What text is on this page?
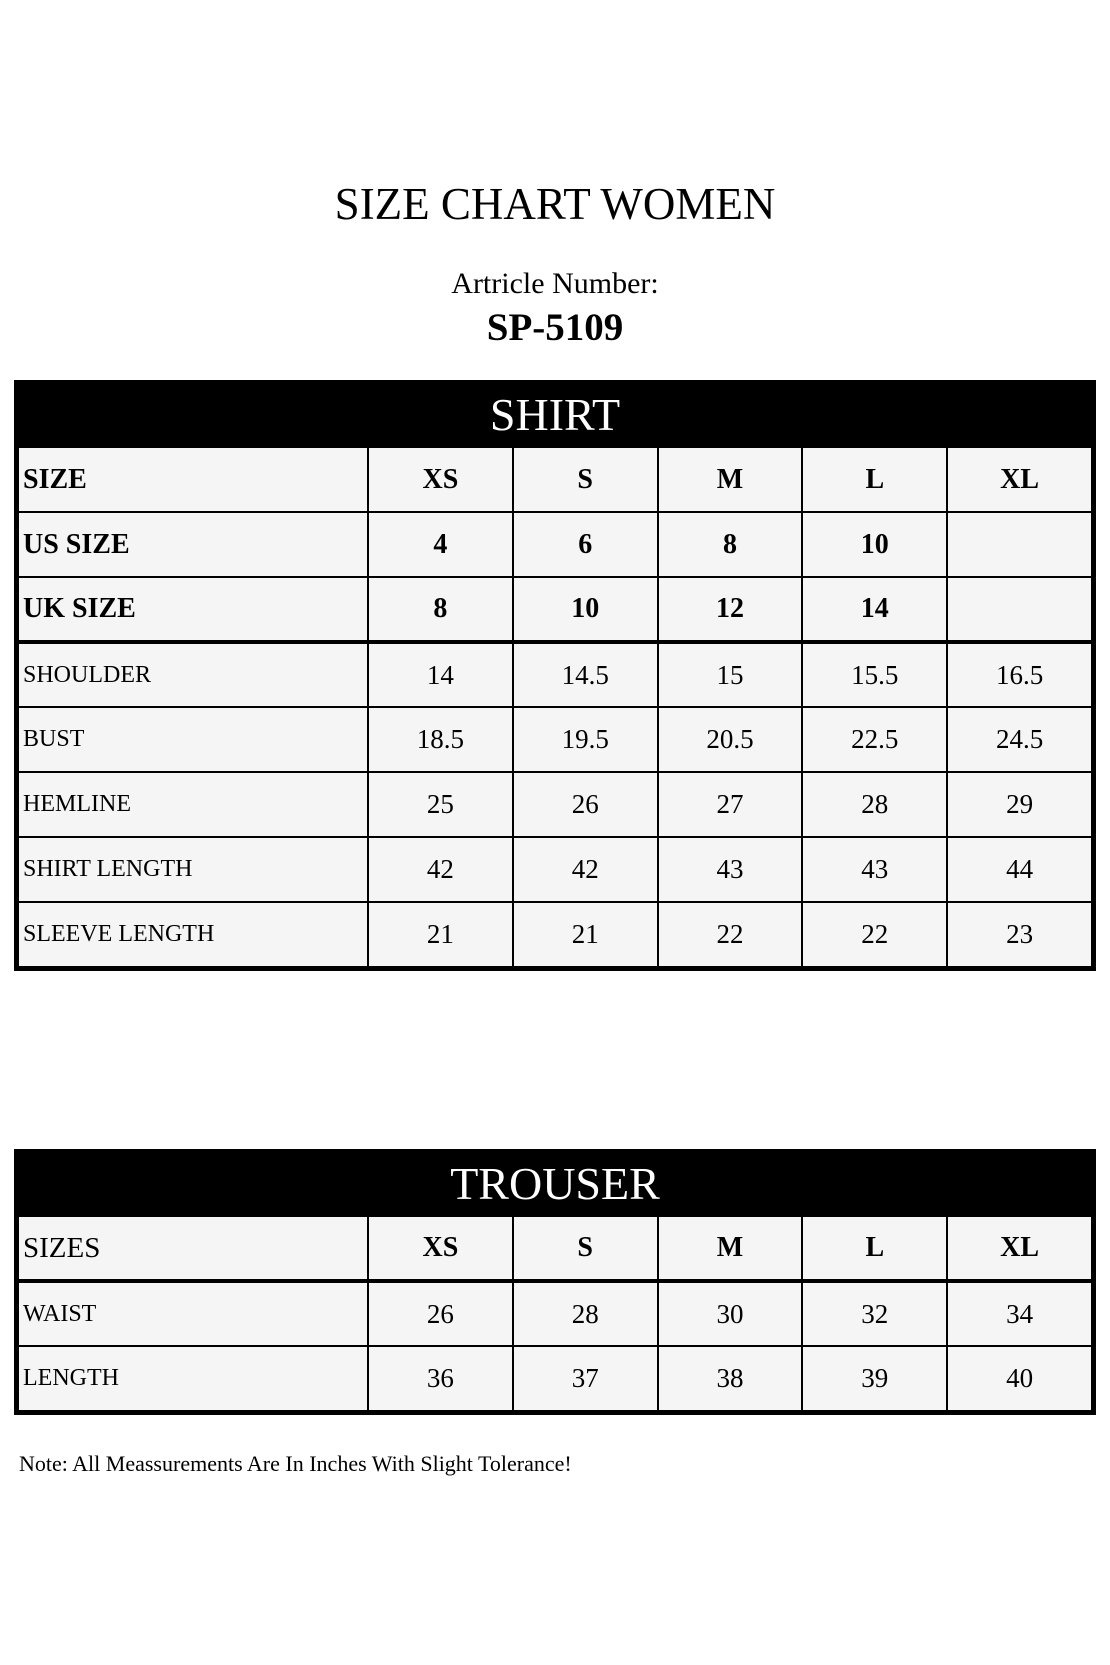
SIZE CHART WOMEN
Artricle Number:
SP-5109
SHIRT
SIZE	XS	S	M	L	XL
US SIZE	4	6	8	10	
UK SIZE	8	10	12	14	
SHOULDER	14	14.5	15	15.5	16.5
BUST	18.5	19.5	20.5	22.5	24.5
HEMLINE	25	26	27	28	29
SHIRT LENGTH	42	42	43	43	44
SLEEVE LENGTH	21	21	22	22	23
TROUSER
SIZES	XS	S	M	L	XL
WAIST	26	28	30	32	34
LENGTH	36	37	38	39	40
Note: All Meassurements Are In Inches With Slight Tolerance!
